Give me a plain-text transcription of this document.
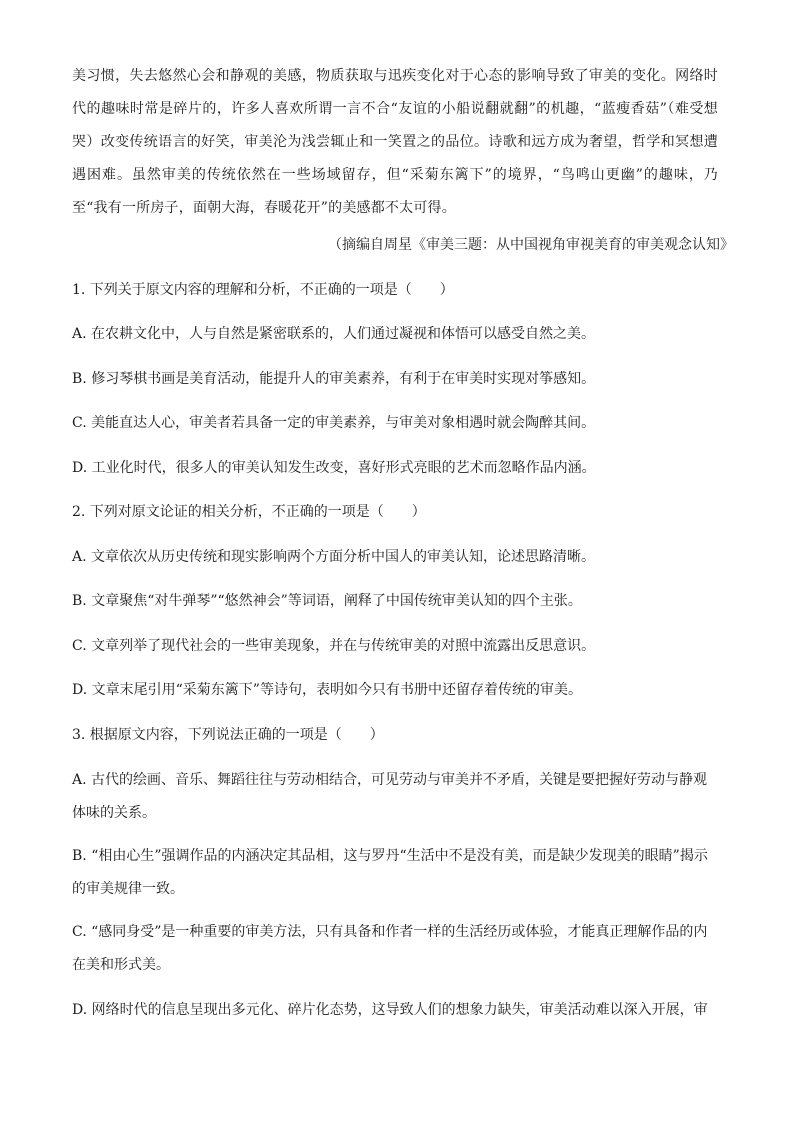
美习惯，失去悠然心会和静观的美感，物质获取与迅疾变化对于心态的影响导致了审美的变化。网络时代的趣味时常是碎片的，许多人喜欢所谓一言不合“友谊的小船说翻就翻”的机趣，“蓝瘦香菇”（难受想哭）改变传统语言的好笑，审美沦为浅尝辄止和一笑置之的品位。诗歌和远方成为奢望，哲学和冥想遭遇困难。虽然审美的传统依然在一些场域留存，但“采菊东篱下”的境界，“鸟鸣山更幽”的趣味，乃至“我有一所房子，面朝大海，春暖花开”的美感都不太可得。

（摘编自周星《审美三题：从中国视角审视美育的审美观念认知》

1. 下列关于原文内容的理解和分析，不正确的一项是（　　）

A. 在农耕文化中，人与自然是紧密联系的，人们通过凝视和体悟可以感受自然之美。

B. 修习琴棋书画是美育活动，能提升人的审美素养，有利于在审美时实现对筝感知。

C. 美能直达人心，审美者若具备一定的审美素养，与审美对象相遇时就会陶醉其间。

D. 工业化时代，很多人的审美认知发生改变，喜好形式亮眼的艺术而忽略作品内涵。

2. 下列对原文论证的相关分析，不正确的一项是（　　）

A. 文章依次从历史传统和现实影响两个方面分析中国人的审美认知，论述思路清晰。

B. 文章聚焦“对牛弹琴”“悠然神会”等词语，阐释了中国传统审美认知的四个主张。

C. 文章列举了现代社会的一些审美现象，并在与传统审美的对照中流露出反思意识。

D. 文章末尾引用“采菊东篱下”等诗句，表明如今只有书册中还留存着传统的审美。

3. 根据原文内容，下列说法正确的一项是（　　）

A. 古代的绘画、音乐、舞蹈往往与劳动相结合，可见劳动与审美并不矛盾，关键是要把握好劳动与静观体味的关系。

B. “相由心生”强调作品的内涵决定其品相，这与罗丹“生活中不是没有美，而是缺少发现美的眼睛”揭示的审美规律一致。

C. “感同身受”是一种重要的审美方法，只有具备和作者一样的生活经历或体验，才能真正理解作品的内在美和形式美。

D. 网络时代的信息呈现出多元化、碎片化态势，这导致人们的想象力缺失，审美活动难以深入开展，审
